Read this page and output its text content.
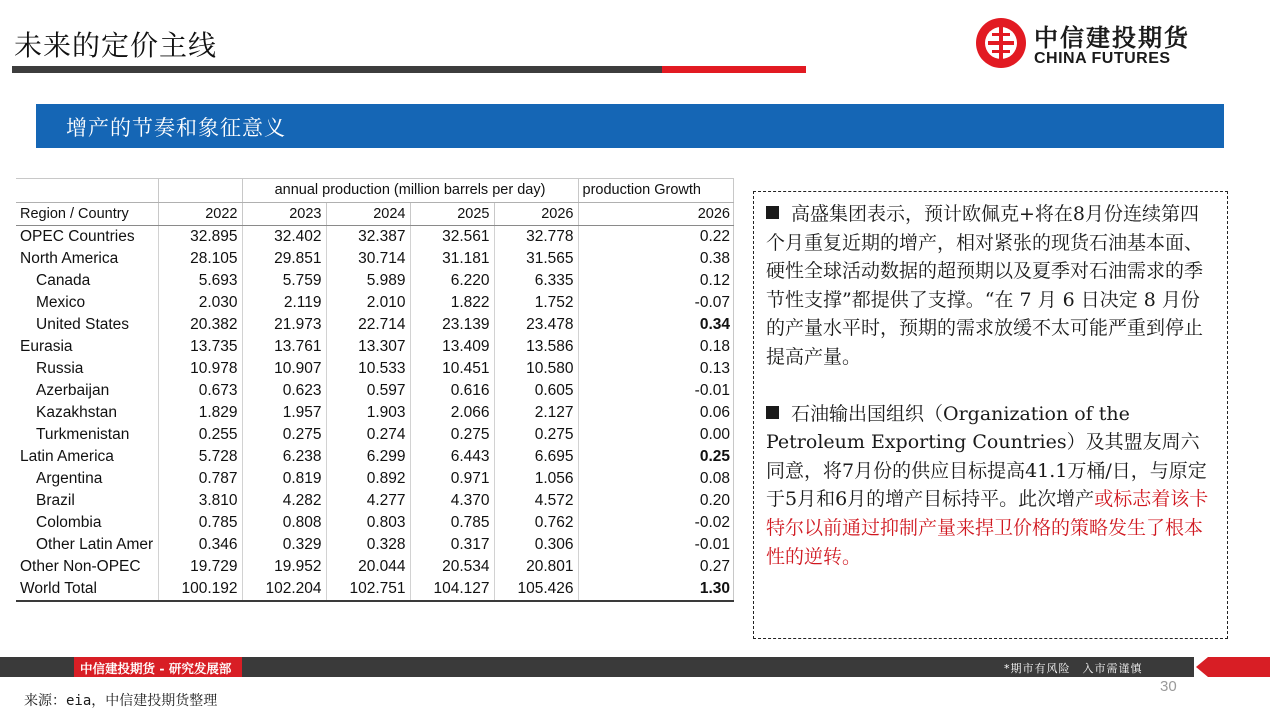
未来的定价主线	中信建投期货
CHINA FUTURES
增产的节奏和象征意义
		annual production (million barrels per day)				production Growth
Region / Country	2022	2023	2024	2025	2026	2026
OPEC Countries	32.895	32.402	32.387	32.561	32.778	0.22
North America	28.105	29.851	30.714	31.181	31.565	0.38
Canada	5.693	5.759	5.989	6.220	6.335	0.12
Mexico	2.030	2.119	2.010	1.822	1.752	-0.07
United States	20.382	21.973	22.714	23.139	23.478	0.34
Eurasia	13.735	13.761	13.307	13.409	13.586	0.18
Russia	10.978	10.907	10.533	10.451	10.580	0.13
Azerbaijan	0.673	0.623	0.597	0.616	0.605	-0.01
Kazakhstan	1.829	1.957	1.903	2.066	2.127	0.06
Turkmenistan	0.255	0.275	0.274	0.275	0.275	0.00
Latin America	5.728	6.238	6.299	6.443	6.695	0.25
Argentina	0.787	0.819	0.892	0.971	1.056	0.08
Brazil	3.810	4.282	4.277	4.370	4.572	0.20
Colombia	0.785	0.808	0.803	0.785	0.762	-0.02
Other Latin Amer	0.346	0.329	0.328	0.317	0.306	-0.01
Other Non-OPEC	19.729	19.952	20.044	20.534	20.801	0.27
World Total	100.192	102.204	102.751	104.127	105.426	1.30

高盛集团表示，预计欧佩克+将在8月份连续第四个月重复近期的增产，相对紧张的现货石油基本面、硬性全球活动数据的超预期以及夏季对石油需求的季节性支撑”都提供了支撑。“在 7 月 6 日决定 8 月份的产量水平时，预期的需求放缓不太可能严重到停止提高产量。

石油输出国组织（Organization of the Petroleum Exporting Countries）及其盟友周六同意，将7月份的供应目标提高41.1万桶/日，与原定于5月和6月的增产目标持平。此次增产或标志着该卡特尔以前通过抑制产量来捍卫价格的策略发生了根本性的逆转。

中信建投期货 - 研究发展部	*期市有风险　入市需谨慎
30
来源：eia，中信建投期货整理
